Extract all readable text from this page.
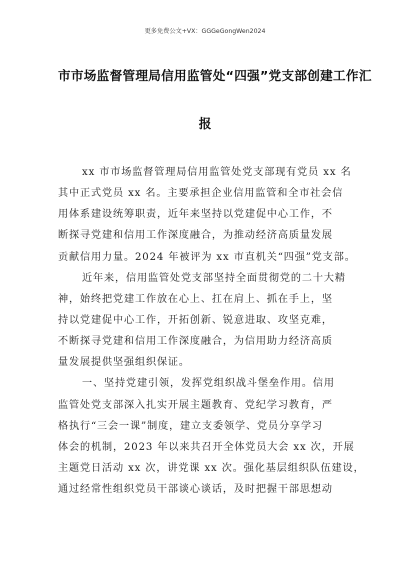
更多免费公文+VX：GGGeGongWen2024
市市场监督管理局信用监管处“四强”党支部创建工作汇
报
xx 市市场监督管理局信用监管处党支部现有党员 xx 名
其中正式党员 xx 名。主要承担企业信用监管和全市社会信
用体系建设统筹职责，近年来坚持以党建促中心工作，不
断探寻党建和信用工作深度融合，为推动经济高质量发展
贡献信用力量。2024 年被评为 xx 市直机关“四强”党支部。
近年来，信用监管处党支部坚持全面贯彻党的二十大精
神，始终把党建工作放在心上、扛在肩上、抓在手上，坚
持以党建促中心工作，开拓创新、锐意进取、攻坚克难，
不断探寻党建和信用工作深度融合，为信用助力经济高质
量发展提供坚强组织保证。
一、坚持党建引领，发挥党组织战斗堡垒作用。信用
监管处党支部深入扎实开展主题教育、党纪学习教育，严
格执行“三会一课”制度，建立支委领学、党员分享学习
体会的机制，2023 年以来共召开全体党员大会 xx 次，开展
主题党日活动 xx 次，讲党课 xx 次。强化基层组织队伍建设，
通过经常性组织党员干部谈心谈话，及时把握干部思想动
